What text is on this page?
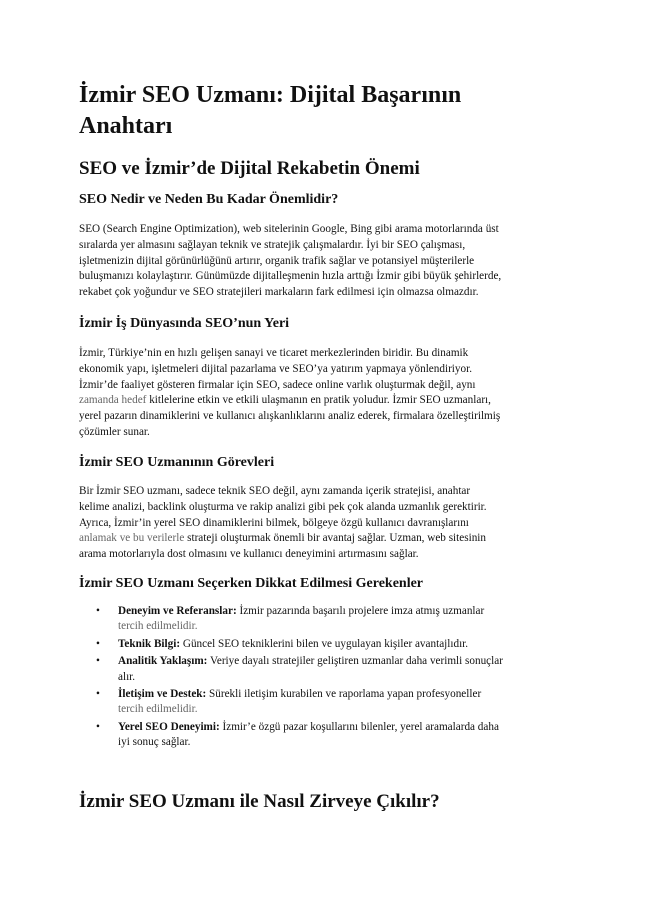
İzmir SEO Uzmanı: Dijital Başarının
Anahtarı
SEO ve İzmir’de Dijital Rekabetin Önemi
SEO Nedir ve Neden Bu Kadar Önemlidir?

SEO (Search Engine Optimization), web sitelerinin Google, Bing gibi arama motorlarında üst
sıralarda yer almasını sağlayan teknik ve stratejik çalışmalardır. İyi bir SEO çalışması,
işletmenizin dijital görünürlüğünü artırır, organik trafik sağlar ve potansiyel müşterilerle
buluşmanızı kolaylaştırır. Günümüzde dijitalleşmenin hızla arttığı İzmir gibi büyük şehirlerde,
rekabet çok yoğundur ve SEO stratejileri markaların fark edilmesi için olmazsa olmazdır.

İzmir İş Dünyasında SEO’nun Yeri

İzmir, Türkiye’nin en hızlı gelişen sanayi ve ticaret merkezlerinden biridir. Bu dinamik
ekonomik yapı, işletmeleri dijital pazarlama ve SEO’ya yatırım yapmaya yönlendiriyor.
İzmir’de faaliyet gösteren firmalar için SEO, sadece online varlık oluşturmak değil, aynı
zamanda hedef kitlelerine etkin ve etkili ulaşmanın en pratik yoludur. İzmir SEO uzmanları,
yerel pazarın dinamiklerini ve kullanıcı alışkanlıklarını analiz ederek, firmalara özelleştirilmiş
çözümler sunar.

İzmir SEO Uzmanının Görevleri

Bir İzmir SEO uzmanı, sadece teknik SEO değil, aynı zamanda içerik stratejisi, anahtar
kelime analizi, backlink oluşturma ve rakip analizi gibi pek çok alanda uzmanlık gerektirir.
Ayrıca, İzmir’in yerel SEO dinamiklerini bilmek, bölgeye özgü kullanıcı davranışlarını
anlamak ve bu verilerle strateji oluşturmak önemli bir avantaj sağlar. Uzman, web sitesinin
arama motorlarıyla dost olmasını ve kullanıcı deneyimini artırmasını sağlar.

İzmir SEO Uzmanı Seçerken Dikkat Edilmesi Gerekenler
• Deneyim ve Referanslar: İzmir pazarında başarılı projelere imza atmış uzmanlar
tercih edilmelidir.
• Teknik Bilgi: Güncel SEO tekniklerini bilen ve uygulayan kişiler avantajlıdır.
• Analitik Yaklaşım: Veriye dayalı stratejiler geliştiren uzmanlar daha verimli sonuçlar
alır.
• İletişim ve Destek: Sürekli iletişim kurabilen ve raporlama yapan profesyoneller
tercih edilmelidir.
• Yerel SEO Deneyimi: İzmir’e özgü pazar koşullarını bilenler, yerel aramalarda daha
iyi sonuç sağlar.
İzmir SEO Uzmanı ile Nasıl Zirveye Çıkılır?
